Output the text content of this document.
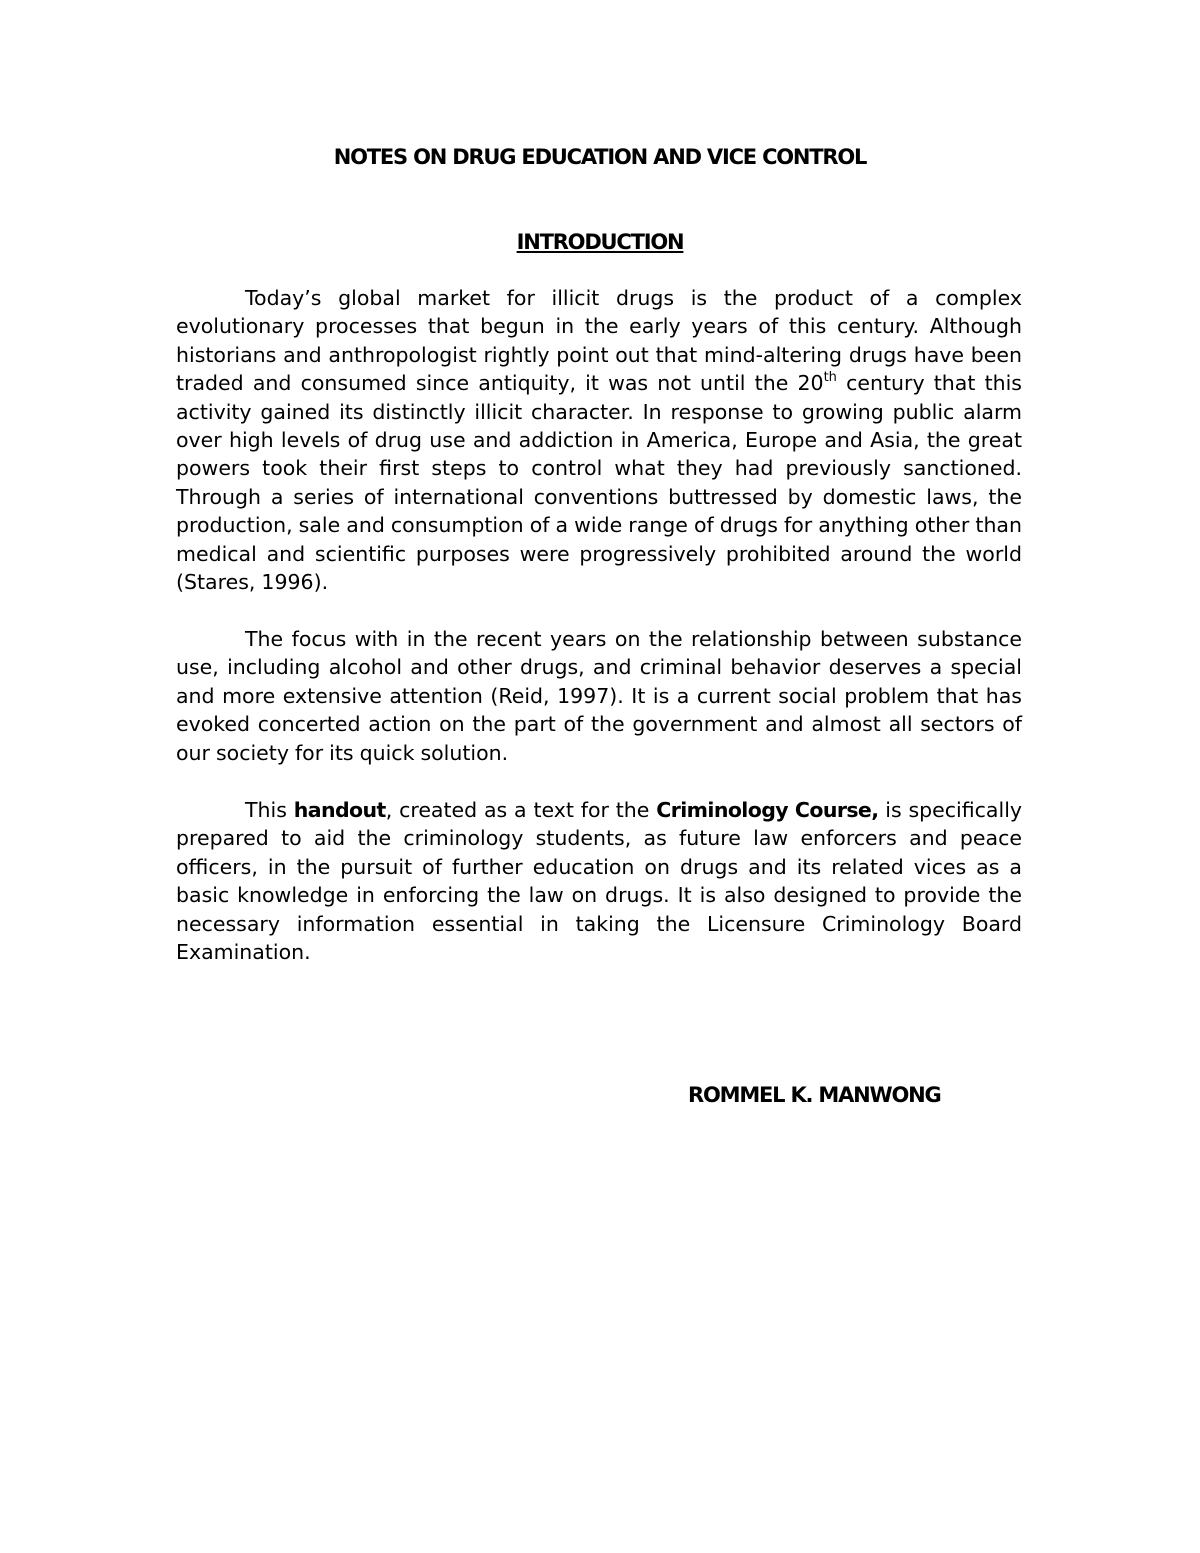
NOTES ON DRUG EDUCATION AND VICE CONTROL
INTRODUCTION

Today’s global market for illicit drugs is the product of a complex evolutionary processes that begun in the early years of this century. Although historians and anthropologist rightly point out that mind-altering drugs have been traded and consumed since antiquity, it was not until the 20th century that this activity gained its distinctly illicit character. In response to growing public alarm over high levels of drug use and addiction in America, Europe and Asia, the great powers took their first steps to control what they had previously sanctioned. Through a series of international conventions buttressed by domestic laws, the production, sale and consumption of a wide range of drugs for anything other than medical and scientific purposes were progressively prohibited around the world (Stares, 1996).

The focus with in the recent years on the relationship between substance use, including alcohol and other drugs, and criminal behavior deserves a special and more extensive attention (Reid, 1997). It is a current social problem that has evoked concerted action on the part of the government and almost all sectors of our society for its quick solution.

This handout, created as a text for the Criminology Course, is specifically prepared to aid the criminology students, as future law enforcers and peace officers, in the pursuit of further education on drugs and its related vices as a basic knowledge in enforcing the law on drugs. It is also designed to provide the necessary information essential in taking the Licensure Criminology Board Examination.

ROMMEL K. MANWONG
